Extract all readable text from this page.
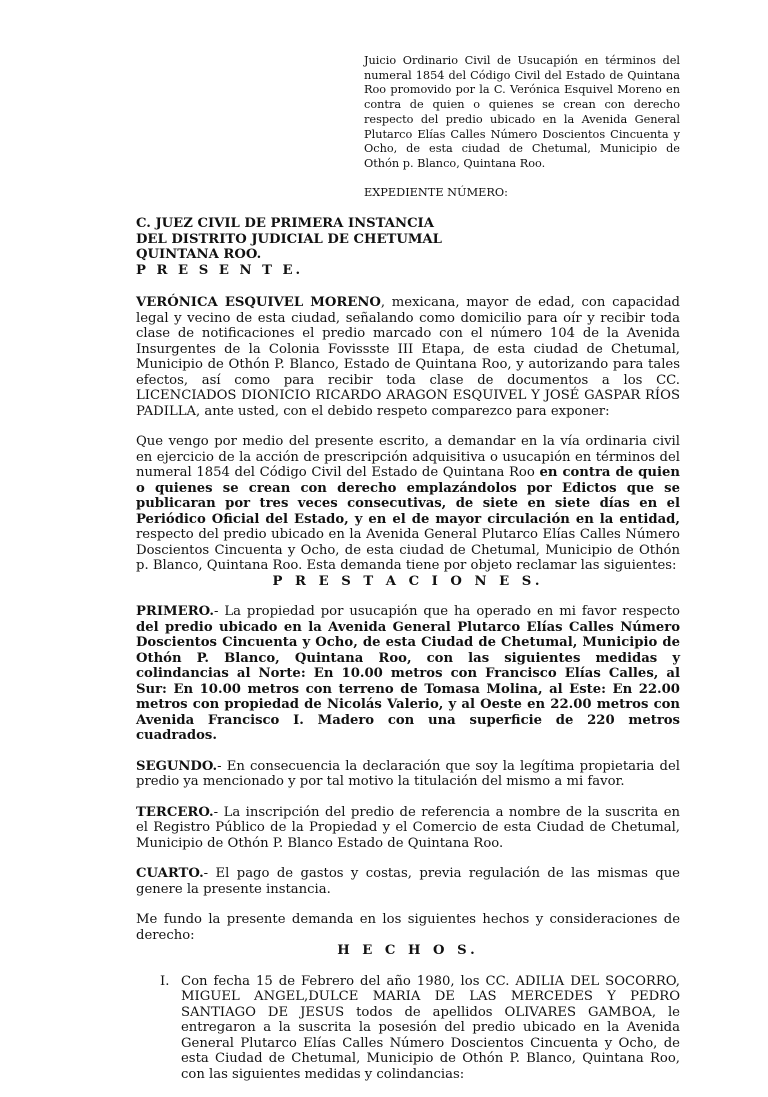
Juicio Ordinario Civil de Usucapión en términos del numeral 1854 del Código Civil del Estado de Quintana Roo promovido por la C. Verónica Esquivel Moreno en contra de quien o quienes se crean con derecho respecto del predio ubicado en la Avenida General Plutarco Elías Calles Número Doscientos Cincuenta y Ocho, de esta ciudad de Chetumal, Municipio de Othón p. Blanco, Quintana Roo.

EXPEDIENTE NÚMERO:

C. JUEZ CIVIL DE PRIMERA INSTANCIA
DEL DISTRITO JUDICIAL DE CHETUMAL
QUINTANA ROO.
P R E S E N T E.

VERÓNICA ESQUIVEL MORENO, mexicana, mayor de edad, con capacidad legal y vecino de esta ciudad, señalando como domicilio para oír y recibir toda clase de notificaciones el predio marcado con el número 104 de la Avenida Insurgentes de la Colonia Fovissste III Etapa, de esta ciudad de Chetumal, Municipio de Othón P. Blanco, Estado de Quintana Roo, y autorizando para tales efectos, así como para recibir toda clase de documentos a los CC. LICENCIADOS DIONICIO RICARDO ARAGON ESQUIVEL Y JOSÉ GASPAR RÍOS PADILLA, ante usted, con el debido respeto comparezco para exponer:

Que vengo por medio del presente escrito, a demandar en la vía ordinaria civil en ejercicio de la acción de prescripción adquisitiva o usucapión en términos del numeral 1854 del Código Civil del Estado de Quintana Roo en contra de quien o quienes se crean con derecho emplazándolos por Edictos que se publicaran por tres veces consecutivas, de siete en siete días en el Periódico Oficial del Estado, y en el de mayor circulación en la entidad, respecto del predio ubicado en la Avenida General Plutarco Elías Calles Número Doscientos Cincuenta y Ocho, de esta ciudad de Chetumal, Municipio de Othón p. Blanco, Quintana Roo. Esta demanda tiene por objeto reclamar las siguientes:

P R E S T A C I O N E S.

PRIMERO.- La propiedad por usucapión que ha operado en mi favor respecto del predio ubicado en la Avenida General Plutarco Elías Calles Número Doscientos Cincuenta y Ocho, de esta Ciudad de Chetumal, Municipio de Othón P. Blanco, Quintana Roo, con las siguientes medidas y colindancias al Norte: En 10.00 metros con Francisco Elías Calles, al Sur: En 10.00 metros con terreno de Tomasa Molina, al Este: En 22.00 metros con propiedad de Nicolás Valerio, y al Oeste en 22.00 metros con Avenida Francisco I. Madero con una superficie de 220 metros cuadrados.

SEGUNDO.- En consecuencia la declaración que soy la legítima propietaria del predio ya mencionado y por tal motivo la titulación del mismo a mi favor.

TERCERO.- La inscripción del predio de referencia a nombre de la suscrita en el Registro Público de la Propiedad y el Comercio de esta Ciudad de Chetumal, Municipio de Othón P. Blanco Estado de Quintana Roo.

CUARTO.- El pago de gastos y costas, previa regulación de las mismas que genere la presente instancia.

Me fundo la presente demanda en los siguientes hechos y consideraciones de derecho:

H E C H O S.
I. Con fecha 15 de Febrero del año 1980, los CC. ADILIA DEL SOCORRO, MIGUEL ANGEL,DULCE MARIA DE LAS MERCEDES Y PEDRO SANTIAGO DE JESUS todos de apellidos OLIVARES GAMBOA, le entregaron a la suscrita la posesión del predio ubicado en la Avenida General Plutarco Elías Calles Número Doscientos Cincuenta y Ocho, de esta Ciudad de Chetumal, Municipio de Othón P. Blanco, Quintana Roo, con las siguientes medidas y colindancias:
